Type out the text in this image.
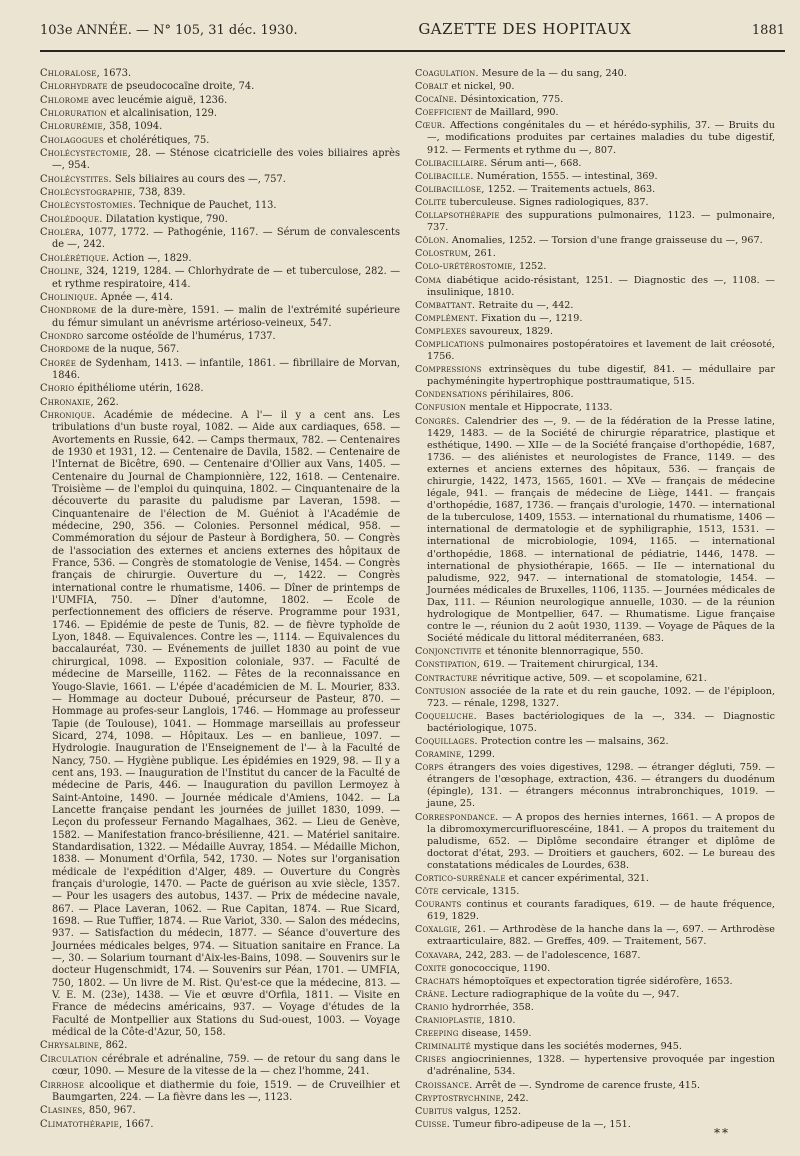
103e ANNÉE. — N° 105, 31 déc. 1930.	GAZETTE DES HOPITAUX	1881

Chloralose, 1673.

Chlorhydrate de pseudococaïne droite, 74.

Chlorome avec leucémie aiguë, 1236.

Chloruration et alcalinisation, 129.

Chlorurémie, 358, 1094.

Cholagogues et cholérétiques, 75.

Cholécystectomie, 28. — Sténose cicatricielle des voies biliaires après —, 954.

Cholécystites. Sels biliaires au cours des —, 757.

Cholécystographie, 738, 839.

Cholécystostomies. Technique de Pauchet, 113.

Cholédoque. Dilatation kystique, 790.

Choléra, 1077, 1772. — Pathogénie, 1167. — Sérum de convalescents de —, 242.

Cholérétique. Action —, 1829.

Choline, 324, 1219, 1284. — Chlorhydrate de — et tuberculose, 282. — et rythme respiratoire, 414.

Cholinique. Apnée —, 414.

Chondrome de la dure-mère, 1591. — malin de l'extrémité supérieure du fémur simulant un anévrisme artérioso-veineux, 547.

Chondro sarcome ostéoïde de l'humérus, 1737.

Chordome de la nuque, 567.

Chorée de Sydenham, 1413. — infantile, 1861. — fibrillaire de Morvan, 1846.

Chorio épithéliome utérin, 1628.

Chronaxie, 262.

Chronique. Académie de médecine. A l'— il y a cent ans. Les tribulations d'un buste royal, 1082. — Aide aux cardiaques, 658. — Avortements en Russie, 642. — Camps thermaux, 782. — Centenaires de 1930 et 1931, 12. — Centenaire de Davila, 1582. — Centenaire de l'Internat de Bicêtre, 690. — Centenaire d'Ollier aux Vans, 1405. — Centenaire du Journal de Championnière, 122, 1618. — Centenaire. Troisième — de l'emploi du quinquina, 1802. — Cinquantenaire de la découverte du parasite du paludisme par Laveran, 1598. — Cinquantenaire de l'élection de M. Guéniot à l'Académie de médecine, 290, 356. — Colonies. Personnel médical, 958. — Commémoration du séjour de Pasteur à Bordighera, 50. — Congrès de l'association des externes et anciens externes des hôpitaux de France, 536. — Congrès de stomatologie de Venise, 1454. — Congrès français de chirurgie. Ouverture du —, 1422. — Congrès international contre le rhumatisme, 1406. — Dîner de printemps de l'UMFIA, 750. — Dîner d'automne, 1802. — Ecole de perfectionnement des officiers de réserve. Programme pour 1931, 1746. — Epidémie de peste de Tunis, 82. — de fièvre typhoïde de Lyon, 1848. — Equivalences. Contre les —, 1114. — Equivalences du baccalauréat, 730. — Evénements de juillet 1830 au point de vue chirurgical, 1098. — Exposition coloniale, 937. — Faculté de médecine de Marseille, 1162. — Fêtes de la reconnaissance en Yougo-Slavie, 1661. — L'épée d'académicien de M. L. Mourier, 833. — Hommage au docteur Duboué, précurseur de Pasteur, 870. — Hommage au profes-seur Langlois, 1746. — Hommage au professeur Tapie (de Toulouse), 1041. — Hommage marseillais au professeur Sicard, 274, 1098. — Hôpitaux. Les — en banlieue, 1097. — Hydrologie. Inauguration de l'Enseignement de l'— à la Faculté de Nancy, 750. — Hygiène publique. Les épidémies en 1929, 98. — Il y a cent ans, 193. — Inauguration de l'Institut du cancer de la Faculté de médecine de Paris, 446. — Inauguration du pavillon Lermoyez à Saint-Antoine, 1490. — Journée médicale d'Amiens, 1042. — La Lancette française pendant les journées de juillet 1830, 1099. — Leçon du professeur Fernando Magalhaes, 362. — Lieu de Genève, 1582. — Manifestation franco-brésilienne, 421. — Matériel sanitaire. Standardisation, 1322. — Médaille Auvray, 1854. — Médaille Michon, 1838. — Monument d'Orfila, 542, 1730. — Notes sur l'organisation médicale de l'expédition d'Alger, 489. — Ouverture du Congrès français d'urologie, 1470. — Pacte de guérison au xvie siècle, 1357. — Pour les usagers des autobus, 1437. — Prix de médecine navale, 867. — Place Laveran, 1062. — Rue Capitan, 1874. — Rue Sicard, 1698. — Rue Tuffier, 1874. — Rue Variot, 330. — Salon des médecins, 937. — Satisfaction du médecin, 1877. — Séance d'ouverture des Journées médicales belges, 974. — Situation sanitaire en France. La —, 30. — Solarium tournant d'Aix-les-Bains, 1098. — Souvenirs sur le docteur Hugenschmidt, 174. — Souvenirs sur Péan, 1701. — UMFIA, 750, 1802. — Un livre de M. Rist. Qu'est-ce que la médecine, 813. — V. E. M. (23e), 1438. — Vie et œuvre d'Orfila, 1811. — Visite en France de médecins américains, 937. — Voyage d'études de la Faculté de Montpellier aux Stations du Sud-ouest, 1003. — Voyage médical de la Côte-d'Azur, 50, 158.

Chrysalbine, 862.

Circulation cérébrale et adrénaline, 759. — de retour du sang dans le cœur, 1090. — Mesure de la vitesse de la — chez l'homme, 241.

Cirrhose alcoolique et diathermie du foie, 1519. — de Cruveilhier et Baumgarten, 224. — La fièvre dans les —, 1123.

Clasines, 850, 967.

Climatothérapie, 1667.

Coagulation. Mesure de la — du sang, 240.

Cobalt et nickel, 90.

Cocaïne. Désintoxication, 775.

Coefficient de Maillard, 990.

Cœur. Affections congénitales du — et hérédo-syphilis, 37. — Bruits du —, modifications produites par certaines maladies du tube digestif, 912. — Ferments et rythme du —, 807.

Colibacillaire. Sérum anti—, 668.

Colibacille. Numération, 1555. — intestinal, 369.

Colibacillose, 1252. — Traitements actuels, 863.

Colite tuberculeuse. Signes radiologiques, 837.

Collapsothérapie des suppurations pulmonaires, 1123. — pulmonaire, 737.

Côlon. Anomalies, 1252. — Torsion d'une frange graisseuse du —, 967.

Colostrum, 261.

Colo-urétérostomie, 1252.

Coma diabétique acido-résistant, 1251. — Diagnostic des —, 1108. — insulinique, 1810.

Combattant. Retraite du —, 442.

Complément. Fixation du —, 1219.

Complexes savoureux, 1829.

Complications pulmonaires postopératoires et lavement de lait créosoté, 1756.

Compressions extrinsèques du tube digestif, 841. — médullaire par pachyméningite hypertrophique posttraumatique, 515.

Condensations périhilaires, 806.

Confusion mentale et Hippocrate, 1133.

Congrès. Calendrier des —, 9. — de la fédération de la Presse latine, 1429, 1483. — de la Société de chirurgie réparatrice, plastique et esthétique, 1490. — XIIe — de la Société française d'orthopédie, 1687, 1736. — des aliénistes et neurologistes de France, 1149. — des externes et anciens externes des hôpitaux, 536. — français de chirurgie, 1422, 1473, 1565, 1601. — XVe — français de médecine légale, 941. — français de médecine de Liège, 1441. — français d'orthopédie, 1687, 1736. — français d'urologie, 1470. — international de la tuberculose, 1409, 1553. — international du rhumatisme, 1406 — international de dermatologie et de syphiligraphie, 1513, 1531. — international de microbiologie, 1094, 1165. — international d'orthopédie, 1868. — international de pédiatrie, 1446, 1478. — international de physiothérapie, 1665. — IIe — international du paludisme, 922, 947. — international de stomatologie, 1454. — Journées médicales de Bruxelles, 1106, 1135. — Journées médicales de Dax, 111. — Réunion neurologique annuelle, 1030. — de la réunion hydrologique de Montpellier, 647. — Rhumatisme. Ligue française contre le —, réunion du 2 août 1930, 1139. — Voyage de Pâques de la Société médicale du littoral méditerranéen, 683.

Conjonctivite et ténonite blennorragique, 550.

Constipation, 619. — Traitement chirurgical, 134.

Contracture névritique active, 509. — et scopolamine, 621.

Contusion associée de la rate et du rein gauche, 1092. — de l'épiploon, 723. — rénale, 1298, 1327.

Coqueluche. Bases bactériologiques de la —, 334. — Diagnostic bactériologique, 1075.

Coquillages. Protection contre les — malsains, 362.

Coramine, 1299.

Corps étrangers des voies digestives, 1298. — étranger dégluti, 759. — étrangers de l'œsophage, extraction, 436. — étrangers du duodénum (épingle), 131. — étrangers méconnus intrabronchiques, 1019. — jaune, 25.

Correspondance. — A propos des hernies internes, 1661. — A propos de la dibromoxymercurifluorescéine, 1841. — A propos du traitement du paludisme, 652. — Diplôme secondaire étranger et diplôme de doctorat d'état, 293. — Droitiers et gauchers, 602. — Le bureau des constatations médicales de Lourdes, 638.

Cortico-surrénale et cancer expérimental, 321.

Côte cervicale, 1315.

Courants continus et courants faradiques, 619. — de haute fréquence, 619, 1829.

Coxalgie, 261. — Arthrodèse de la hanche dans la —, 697. — Arthrodèse extraarticulaire, 882. — Greffes, 409. — Traitement, 567.

Coxavara, 242, 283. — de l'adolescence, 1687.

Coxite gonococcique, 1190.

Crachats hémoptoïques et expectoration tigrée sidérofère, 1653.

Crâne. Lecture radiographique de la voûte du —, 947.

Cranio hydrorrhée, 358.

Cranioplastie, 1810.

Creeping disease, 1459.

Criminalité mystique dans les sociétés modernes, 945.

Crises angiocriniennes, 1328. — hypertensive provoquée par ingestion d'adrénaline, 534.

Croissance. Arrêt de —. Syndrome de carence fruste, 415.

Cryptostrychnine, 242.

Cubitus valgus, 1252.

Cuisse. Tumeur fibro-adipeuse de la —, 151.

**
